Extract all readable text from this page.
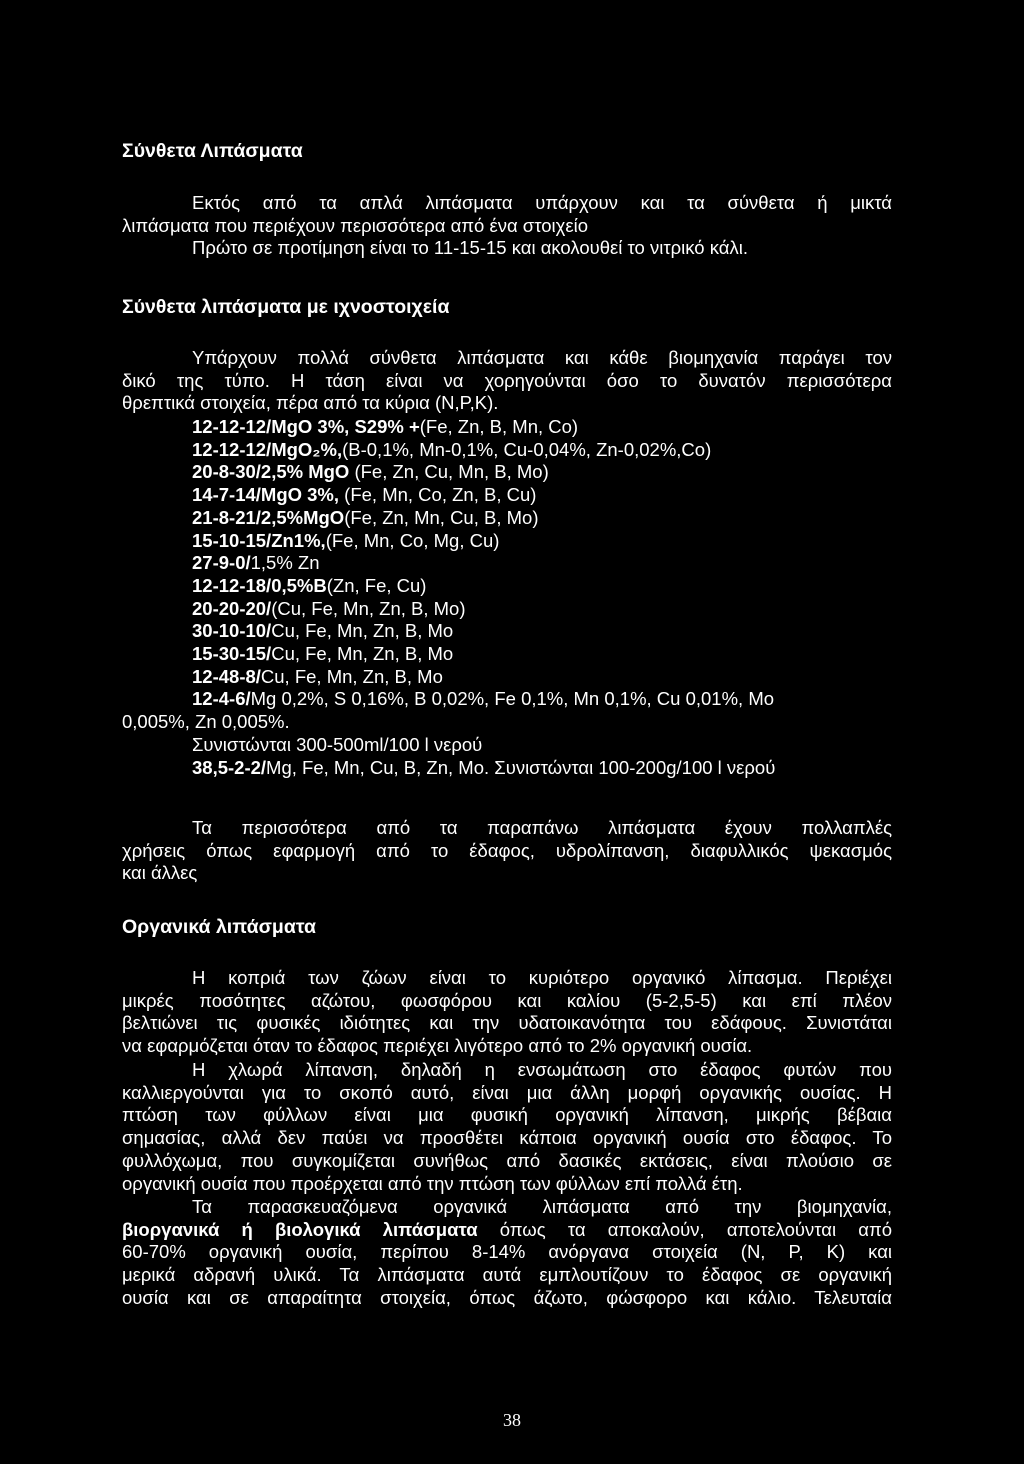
Σύνθετα Λιπάσματα
Εκτός από τα απλά λιπάσματα υπάρχουν και τα σύνθετα ή μικτά
λιπάσματα που περιέχουν περισσότερα από ένα στοιχείο
Πρώτο σε προτίμηση είναι το 11-15-15 και ακολουθεί το νιτρικό κάλι.
Σύνθετα λιπάσματα με ιχνοστοιχεία
Υπάρχουν πολλά σύνθετα λιπάσματα και κάθε βιομηχανία παράγει τον
δικό της τύπο. Η τάση είναι να χορηγούνται όσο το δυνατόν περισσότερα
θρεπτικά στοιχεία, πέρα από τα κύρια (N,P,K).
12-12-12/MgO 3%, S29% +(Fe, Zn, B, Mn, Co)
12-12-12/MgO₂%,(B-0,1%, Mn-0,1%, Cu-0,04%, Zn-0,02%,Co)
20-8-30/2,5% MgO (Fe, Zn, Cu, Mn, B, Mo)
14-7-14/MgO 3%, (Fe, Mn, Co, Zn, B, Cu)
21-8-21/2,5%MgO(Fe, Zn, Mn, Cu, B, Mo)
15-10-15/Zn1%,(Fe, Mn, Co, Mg, Cu)
27-9-0/1,5% Zn
12-12-18/0,5%B(Zn, Fe, Cu)
20-20-20/(Cu, Fe, Mn, Zn, B, Mo)
30-10-10/Cu, Fe, Mn, Zn, B, Mo
15-30-15/Cu, Fe, Mn, Zn, B, Mo
12-48-8/Cu, Fe, Mn, Zn, B, Mo
12-4-6/Mg 0,2%, S 0,16%, B 0,02%, Fe 0,1%, Mn 0,1%, Cu 0,01%, Mo
0,005%, Zn 0,005%.
Συνιστώνται 300-500ml/100 l νερού
38,5-2-2/Mg, Fe, Mn, Cu, B, Zn, Mo. Συνιστώνται 100-200g/100 l νερού
Τα περισσότερα από τα παραπάνω λιπάσματα έχουν πολλαπλές
χρήσεις όπως εφαρμογή από το έδαφος, υδρολίπανση, διαφυλλικός ψεκασμός
και άλλες
Οργανικά λιπάσματα
Η κοπριά των ζώων είναι το κυριότερο οργανικό λίπασμα. Περιέχει
μικρές ποσότητες αζώτου, φωσφόρου και καλίου (5-2,5-5) και επί πλέον
βελτιώνει τις φυσικές ιδιότητες και την υδατοικανότητα του εδάφους. Συνιστάται
να εφαρμόζεται όταν το έδαφος περιέχει λιγότερο από το 2% οργανική ουσία.
Η χλωρά λίπανση, δηλαδή η ενσωμάτωση στο έδαφος φυτών που
καλλιεργούνται για το σκοπό αυτό, είναι μια άλλη μορφή οργανικής ουσίας. Η
πτώση των φύλλων είναι μια φυσική οργανική λίπανση, μικρής βέβαια
σημασίας, αλλά δεν παύει να προσθέτει κάποια οργανική ουσία στο έδαφος. Το
φυλλόχωμα, που συγκομίζεται συνήθως από δασικές εκτάσεις, είναι πλούσιο σε
οργανική ουσία που προέρχεται από την πτώση των φύλλων επί πολλά έτη.
Τα παρασκευαζόμενα οργανικά λιπάσματα από την βιομηχανία,
βιοργανικά ή βιολογικά λιπάσματα όπως τα αποκαλούν, αποτελούνται από
60-70% οργανική ουσία, περίπου 8-14% ανόργανα στοιχεία (N, P, K) και
μερικά αδρανή υλικά. Τα λιπάσματα αυτά εμπλουτίζουν το έδαφος σε οργανική
ουσία και σε απαραίτητα στοιχεία, όπως άζωτο, φώσφορο και κάλιο. Τελευταία
38
